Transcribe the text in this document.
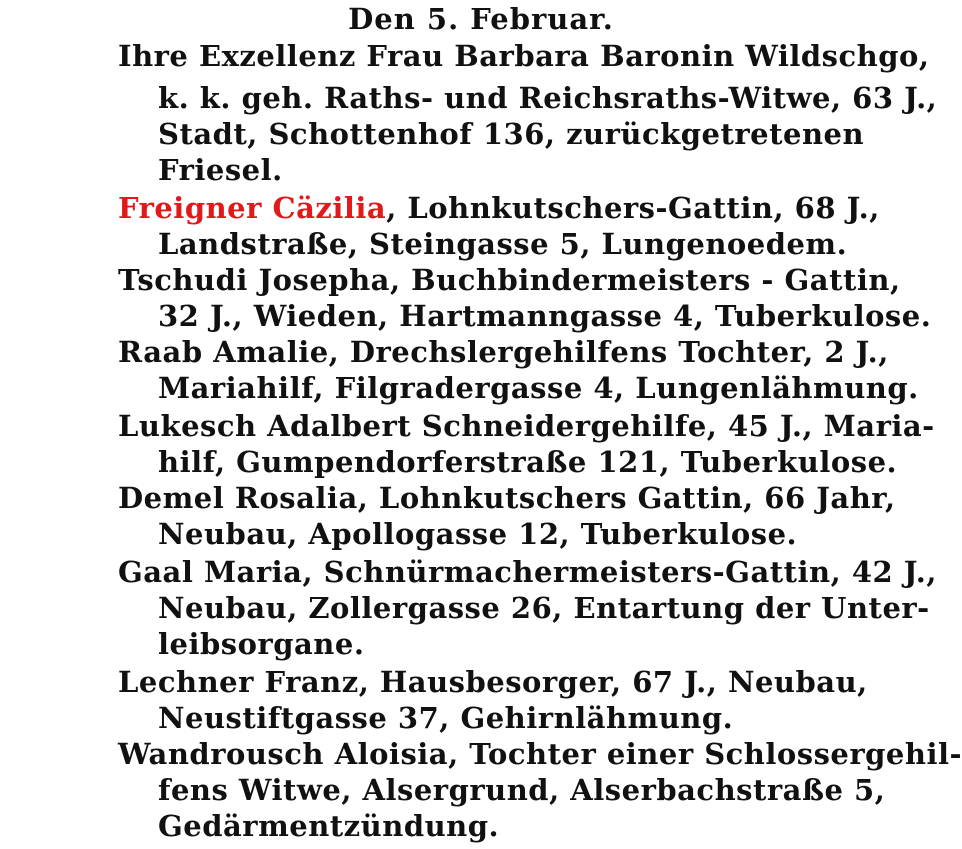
Den 5. Februar.
Ihre Exzellenz Frau Barbara Baronin Wildschgo,
k. k. geh. Raths- und Reichsraths-Witwe, 63 J.,
Stadt, Schottenhof 136, zurückgetretenen
Friesel.
Freigner Cäzilia, Lohnkutschers-Gattin, 68 J.,
Landstraße, Steingasse 5, Lungenoedem.
Tschudi Josepha, Buchbindermeisters - Gattin,
32 J., Wieden, Hartmanngasse 4, Tuberkulose.
Raab Amalie, Drechslergehilfens Tochter, 2 J.,
Mariahilf, Filgradergasse 4, Lungenlähmung.
Lukesch Adalbert Schneidergehilfe, 45 J., Maria-
hilf, Gumpendorferstraße 121, Tuberkulose.
Demel Rosalia, Lohnkutschers Gattin, 66 Jahr,
Neubau, Apollogasse 12, Tuberkulose.
Gaal Maria, Schnürmachermeisters-Gattin, 42 J.,
Neubau, Zollergasse 26, Entartung der Unter-
leibsorgane.
Lechner Franz, Hausbesorger, 67 J., Neubau,
Neustiftgasse 37, Gehirnlähmung.
Wandrousch Aloisia, Tochter einer Schlossergehil-
fens Witwe, Alsergrund, Alserbachstraße 5,
Gedärmentzündung.
